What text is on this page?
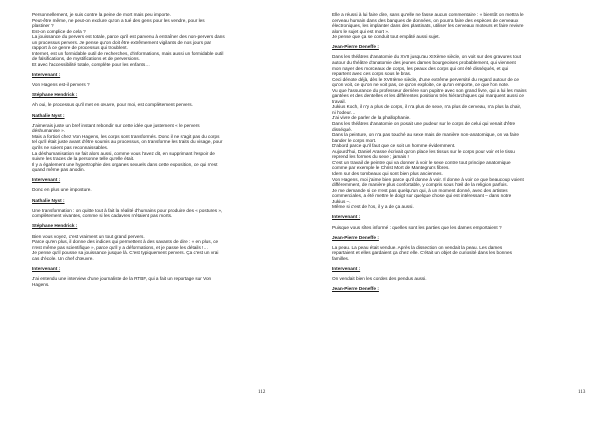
Personnellement, je suis contre la peine de mort mais peu importe.

Peut-être même, ne peut-on exclure qu'on a tué des gens pour les vendre, pour les

plastiner ?

Est-on complice de cela ?

La jouissance du pervers est totale, parce qu'il est parvenu à entraîner des non-pervers dans

un processus pervers. Je pense qu'on doit être extrêmement vigilants de nos jours par

rapport à ce genre de processus qui troublent.

Internet, est un formidable outil de recherches, d'informations, mais aussi un formidable outil

de falsifications, de mystifications et de perversions.

Et avec l'accessibilité totale, complète pour les enfants…

Intervenant :

Von Hagens est-il pervers ?

Stéphane Hendrick :

Ah oui, le processus qu'il met en œuvre, pour moi, est complètement pervers.

Nathalie Nyst :

J'aimerais juste un bref instant rebondir sur cette idée que justement « le pervers

déshumanise ».

Mais a fortiori chez Von Hagens, les corps sont transformés. Donc il ne s'agit pas du corps

tel qu'il était juste avant d'être soumis au processus, on transforme les traits du visage, pour

qu'ils ne soient pas reconnaissables.

La déshumanisation se fait alors aussi, comme vous l'avez dit, en supprimant l'espoir de

suivre les traces de la personne telle qu'elle était.

Il y a également une hypertrophie des organes sexuels dans cette exposition, ce qui n'est

quand même pas anodin.

Intervenant :

Donc en plus une imposture.

Nathalie Nyst :

Une transformation : on quitte tout à fait la réalité d'humains pour produire des « postures »,

complètement vivantes, comme si les cadavres n'étaient pas morts.

Stéphane Hendrick :

Bien vous voyez, c'est vraiment un tout grand pervers.

Parce qu'en plus, il donne des indices qui permettent à des savants de dire : « en plus, ce

n'est même pas scientifique », parce qu'il y a déformations, et je passe les détails !…

Je pense qu'il pousse sa jouissance jusque là. C'est typiquement pervers. Ça c'est un vrai

cas d'école. Un chef d'œuvre.

Intervenant :

J'ai entendu une interview d'une journaliste de la RTBF, qui a fait un reportage sur Von

Hagens.

112

Elle a réussi à lui faire dire, sans qu'elle ne fasse aucun commentaire : « bientôt on mettra le

cerveau humain dans des banques de données, on pourra faire des espèces de cerveaux

électroniques, les implanter dans des plastinats, utiliser les cerveaux moteurs et faire revivre

alors le sujet qui est mort ».

Je pense que ça se conduit tout empâté aussi sujet.

Jean-Pierre Deneffe :

Dans les théâtres d'anatomie du XVII jusqu'au XIXème siècle, on voit sur des gravures tout

autour du théâtre d'anatomie des jeunes dames bourgeoises probablement, qui viennent

mon nayer des morceaux de corps, les peaux des corps qui ont été disséqués, et qui

repartent avec ces corps sous le bras.

Ceci dénote déjà, dès le XVIIIème siècle, d'une extrême perversité du regard autour de ce

qu'on voit, ce qu'on ne voit pas, ce qu'on exploite, ce qu'on emporte, ce que l'on note.

Vu que l'assurance du professeur derrière son pupitre avec son grand livre, qui a lui les mains

gantées et des dentelles et les différentes positions très hiérarchiques qui marquent aussi ce

travail.

Jukius Koch, il n'y a plus de corps, il n'a plus de sexe, n'a plus de cerveau, n'a plus la chair,

ni l'odeur…

J'ai vivre de parler de la phallophanie.

Dans les théâtres d'anatomie on posait une pudeur sur le corps de celui qui venait d'être

disséqué.

Dans la peinture, on n'a pas touché au sexe mais de manière non-anatomique, on va faire

bander le corps mort.

D'abord parce qu'il faut que ce soit un homme évidemment.

Aujourd'hui, Daniel Arasse écrivait qu'on place les tissus sur le corps pour voir et le tissu

reprend les formes du sexe ; jamais !

C'est un travail de peintre qui va donner à voir le sexe contre tout principe anatomique

comme par exemple le Christ Mort de Mantegna's fibres.

Idem sur des tombeaux qui sont bien plus anciennes.

Von Hagens, moi j'aime bien parce qu'il donne à voir. Il donne à voir ce que beaucoup voient

différemment, de manière plus confortable, y compris sous l'œil de la religion parfois.

Je me demande si ce n'est pas quelqu'un qui, à un moment donné, avec des artistes

commerciales, a été mettre le doigt sur quelque chose qui est intéressant – dans notre

Jukius –.

Même si c'est de l'os, il y a de ça aussi.

Intervenant :

Puisque vous sîtes informé : quelles sont les parties que les dames emportaient ?

Jean-Pierre Deneffe :

La peau. La peau était vendue. Après la dissection on vendait la peau. Les dames

repartaient et elles gardaient ça chez elle. C'était un objet de curiosité dans les bonnes

familles.

Intervenant :

On vendait bien les cordes des pendus aussi.

Jean-Pierre Deneffe :

113
